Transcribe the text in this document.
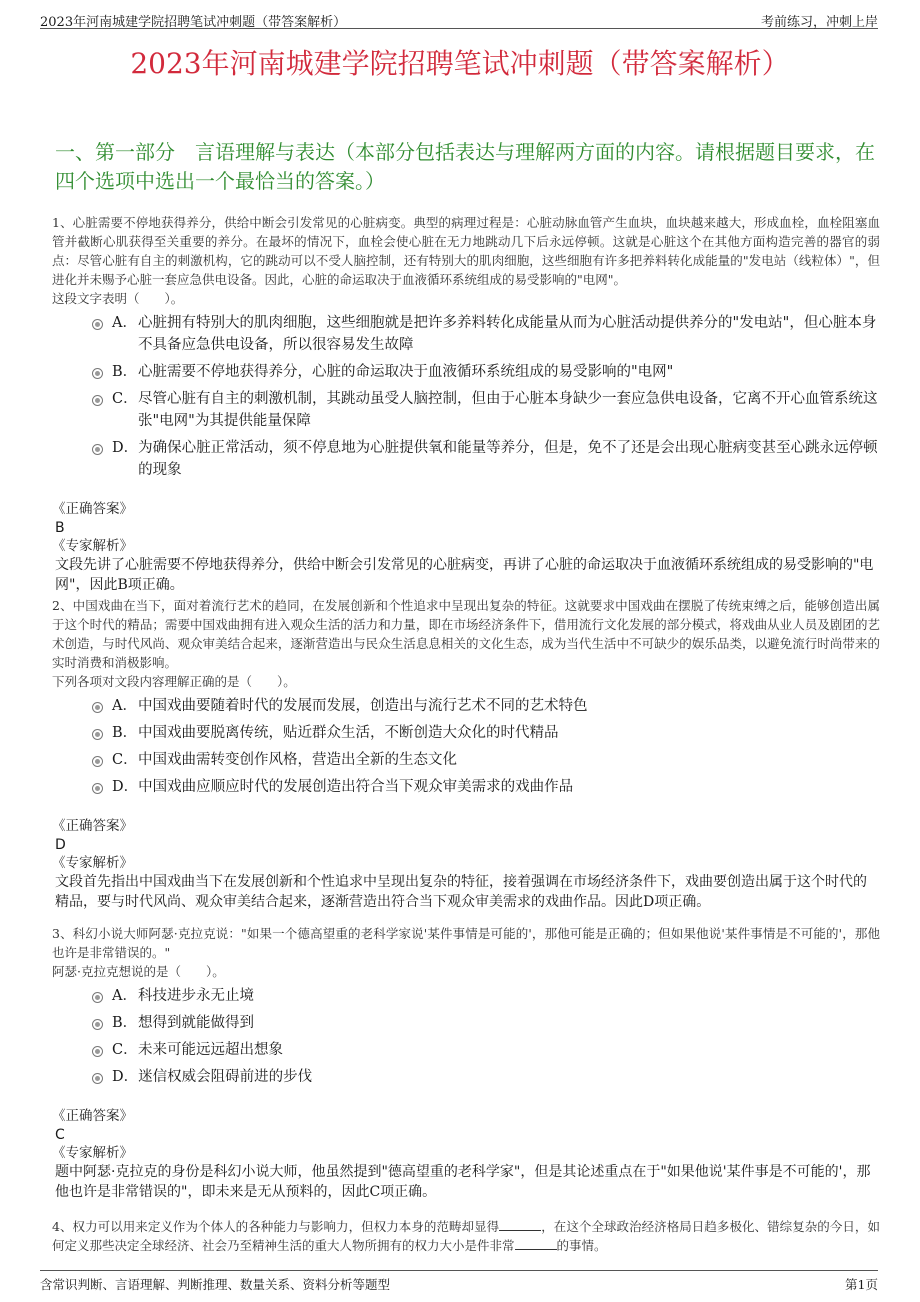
2023年河南城建学院招聘笔试冲刺题（带答案解析）	考前练习，冲刺上岸
2023年河南城建学院招聘笔试冲刺题（带答案解析）
一、第一部分　言语理解与表达（本部分包括表达与理解两方面的内容。请根据题目要求，在四个选项中选出一个最恰当的答案。）
1、心脏需要不停地获得养分，供给中断会引发常见的心脏病变。典型的病理过程是：心脏动脉血管产生血块，血块越来越大，形成血栓，血栓阻塞血管并截断心肌获得至关重要的养分。在最坏的情况下，血栓会使心脏在无力地跳动几下后永远停顿。这就是心脏这个在其他方面构造完善的器官的弱点：尽管心脏有自主的刺激机构，它的跳动可以不受人脑控制，还有特别大的肌肉细胞，这些细胞有许多把养料转化成能量的"发电站（线粒体）"，但进化并未赐予心脏一套应急供电设备。因此，心脏的命运取决于血液循环系统组成的易受影响的"电网"。
这段文字表明（　　）。
A． 心脏拥有特别大的肌肉细胞，这些细胞就是把许多养料转化成能量从而为心脏活动提供养分的"发电站"，但心脏本身不具备应急供电设备，所以很容易发生故障
B． 心脏需要不停地获得养分，心脏的命运取决于血液循环系统组成的易受影响的"电网"
C． 尽管心脏有自主的刺激机制，其跳动虽受人脑控制，但由于心脏本身缺少一套应急供电设备，它离不开心血管系统这张"电网"为其提供能量保障
D． 为确保心脏正常活动，须不停息地为心脏提供氧和能量等养分，但是，免不了还是会出现心脏病变甚至心跳永远停顿的现象
《正确答案》
B
《专家解析》
文段先讲了心脏需要不停地获得养分，供给中断会引发常见的心脏病变，再讲了心脏的命运取决于血液循环系统组成的易受影响的"电网"，因此B项正确。
2、中国戏曲在当下，面对着流行艺术的趋同，在发展创新和个性追求中呈现出复杂的特征。这就要求中国戏曲在摆脱了传统束缚之后，能够创造出属于这个时代的精品；需要中国戏曲拥有进入观众生活的活力和力量，即在市场经济条件下，借用流行文化发展的部分模式，将戏曲从业人员及剧团的艺术创造，与时代风尚、观众审美结合起来，逐渐营造出与民众生活息息相关的文化生态，成为当代生活中不可缺少的娱乐品类，以避免流行时尚带来的实时消费和消极影响。
下列各项对文段内容理解正确的是（　　）。
A． 中国戏曲要随着时代的发展而发展，创造出与流行艺术不同的艺术特色
B． 中国戏曲要脱离传统，贴近群众生活，不断创造大众化的时代精品
C． 中国戏曲需转变创作风格，营造出全新的生态文化
D． 中国戏曲应顺应时代的发展创造出符合当下观众审美需求的戏曲作品
《正确答案》
D
《专家解析》
文段首先指出中国戏曲当下在发展创新和个性追求中呈现出复杂的特征，接着强调在市场经济条件下，戏曲要创造出属于这个时代的精品，要与时代风尚、观众审美结合起来，逐渐营造出符合当下观众审美需求的戏曲作品。因此D项正确。
3、科幻小说大师阿瑟·克拉克说："如果一个德高望重的老科学家说'某件事情是可能的'，那他可能是正确的；但如果他说'某件事情是不可能的'，那他也许是非常错误的。"
阿瑟·克拉克想说的是（　　）。
A． 科技进步永无止境
B． 想得到就能做得到
C． 未来可能远远超出想象
D． 迷信权威会阻碍前进的步伐
《正确答案》
C
《专家解析》
题中阿瑟·克拉克的身份是科幻小说大师，他虽然提到"德高望重的老科学家"，但是其论述重点在于"如果他说'某件事是不可能的'，那他也许是非常错误的"，即未来是无从预料的，因此C项正确。
4、权力可以用来定义作为个体人的各种能力与影响力，但权力本身的范畴却显得	，在这个全球政治经济格局日趋多极化、错综复杂的今日，如何定义那些决定全球经济、社会乃至精神生活的重大人物所拥有的权力大小是件非常	的事情。
含常识判断、言语理解、判断推理、数量关系、资料分析等题型	第1页
